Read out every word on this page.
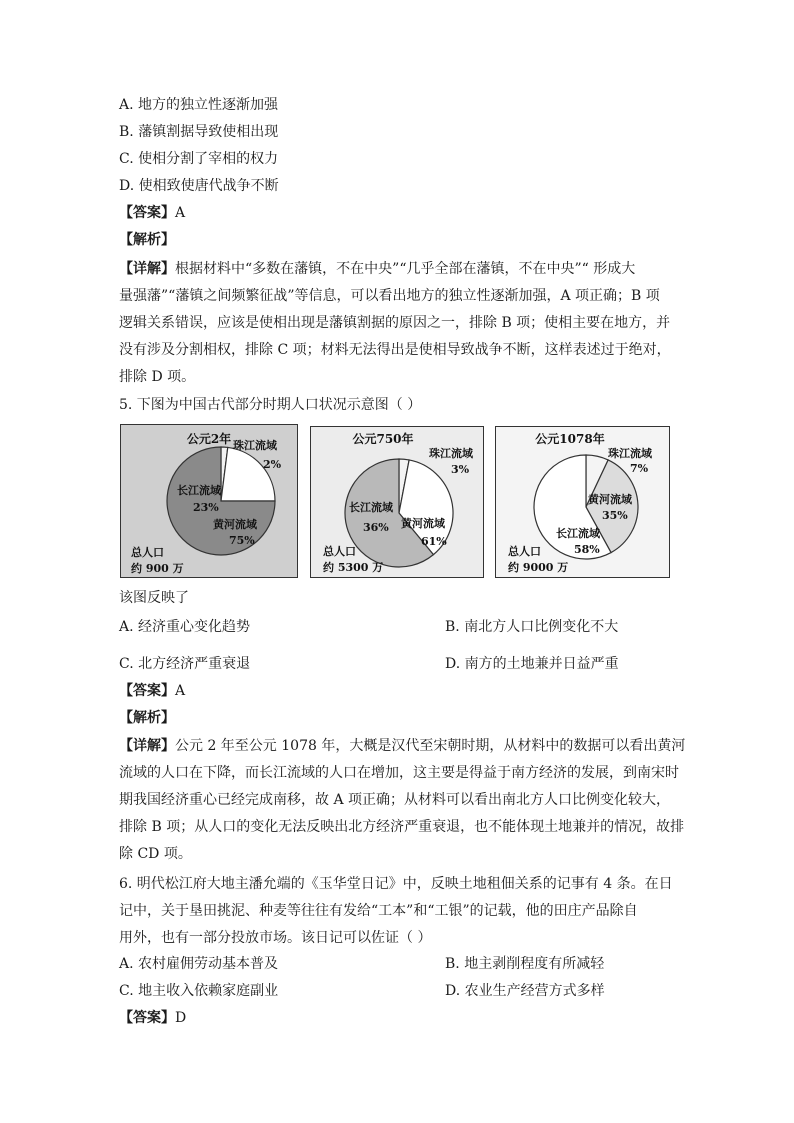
A. 地方的独立性逐渐加强
B. 藩镇割据导致使相出现
C. 使相分割了宰相的权力
D. 使相致使唐代战争不断
【答案】A
【解析】
【详解】根据材料中“多数在藩镇，不在中央”“几乎全部在藩镇，不在中央”“ 形成大
量强藩”“藩镇之间频繁征战”等信息，可以看出地方的独立性逐渐加强，A 项正确；B 项
逻辑关系错误，应该是使相出现是藩镇割据的原因之一，排除 B 项；使相主要在地方，并
没有涉及分割相权，排除 C 项；材料无法得出是使相导致战争不断，这样表述过于绝对，
排除 D 项。
5. 下图为中国古代部分时期人口状况示意图（ ）
公元2年 珠江流域
2%
长江流域
23%
黄河流域
75%
总人口
约 900 万
公元750年
珠江流域
3%
长江流域
36% 黄河流域
61%
总人口
约 5300 万
公元1078年
珠江流域
7%
黄河流域
35%
长江流域
58%
总人口
约 9000 万
该图反映了
A. 经济重心变化趋势	B. 南北方人口比例变化不大
C. 北方经济严重衰退	D. 南方的土地兼并日益严重
【答案】A
【解析】
【详解】公元 2 年至公元 1078 年，大概是汉代至宋朝时期，从材料中的数据可以看出黄河
流域的人口在下降，而长江流域的人口在增加，这主要是得益于南方经济的发展，到南宋时
期我国经济重心已经完成南移，故 A 项正确；从材料可以看出南北方人口比例变化较大，
排除 B 项；从人口的变化无法反映出北方经济严重衰退，也不能体现土地兼并的情况，故排
除 CD 项。
6. 明代松江府大地主潘允端的《玉华堂日记》中，反映土地租佃关系的记事有 4 条。在日
记中，关于垦田挑泥、种麦等往往有发给“工本”和“工银”的记载，他的田庄产品除自
用外，也有一部分投放市场。该日记可以佐证（ ）
A. 农村雇佣劳动基本普及	B. 地主剥削程度有所减轻
C. 地主收入依赖家庭副业	D. 农业生产经营方式多样
【答案】D
